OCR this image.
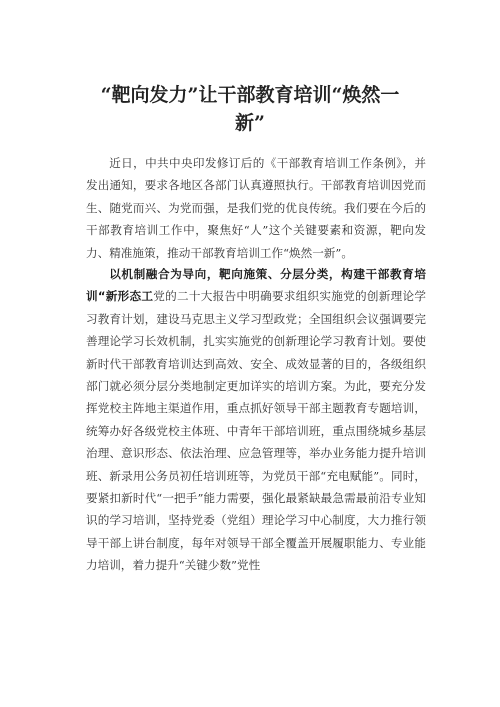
“靶向发力”让干部教育培训“焕然一
新”

近日，中共中央印发修订后的《干部教育培训工作条例》，并发出通知，要求各地区各部门认真遵照执行。干部教育培训因党而生、随党而兴、为党而强，是我们党的优良传统。我们要在今后的干部教育培训工作中，聚焦好“人”这个关键要素和资源，靶向发力、精准施策，推动干部教育培训工作“焕然一新”。

以机制融合为导向，靶向施策、分层分类，构建干部教育培训“新形态工党的二十大报告中明确要求组织实施党的创新理论学习教育计划，建设马克思主义学习型政党；全国组织会议强调要完善理论学习长效机制，扎实实施党的创新理论学习教育计划。要使新时代干部教育培训达到高效、安全、成效显著的目的，各级组织部门就必须分层分类地制定更加详实的培训方案。为此，要充分发挥党校主阵地主渠道作用，重点抓好领导干部主题教育专题培训，统筹办好各级党校主体班、中青年干部培训班，重点围绕城乡基层治理、意识形态、依法治理、应急管理等，举办业务能力提升培训班、新录用公务员初任培训班等，为党员干部“充电赋能”。同时，要紧扣新时代“一把手”能力需要，强化最紧缺最急需最前沿专业知识的学习培训，坚持党委（党组）理论学习中心制度，大力推行领导干部上讲台制度，每年对领导干部全覆盖开展履职能力、专业能力培训，着力提升“关键少数”党性
